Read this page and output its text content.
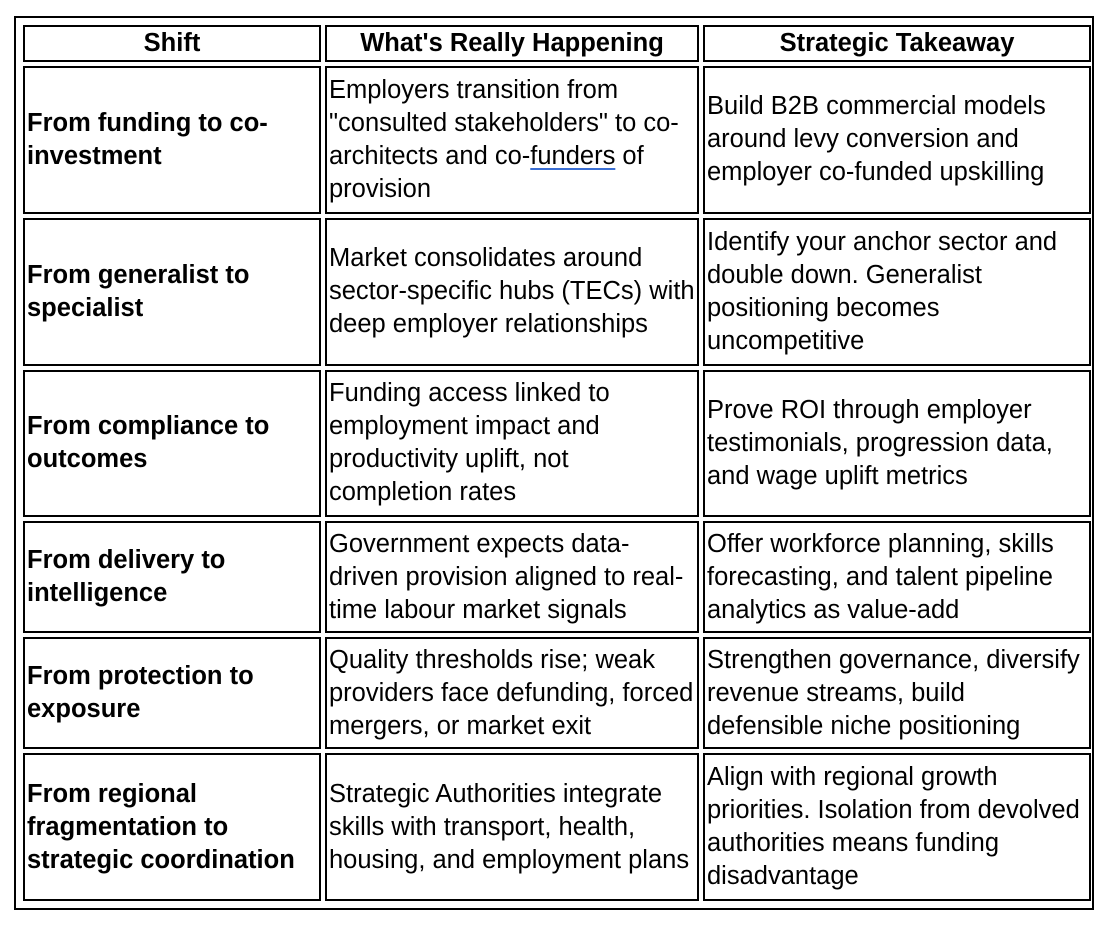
Shift	What's Really Happening	Strategic Takeaway
From funding to co-investment	Employers transition from "consulted stakeholders" to co-architects and co-funders of provision	Build B2B commercial models around levy conversion and employer co-funded upskilling
From generalist to specialist	Market consolidates around sector-specific hubs (TECs) with deep employer relationships	Identify your anchor sector and double down. Generalist positioning becomes uncompetitive
From compliance to outcomes	Funding access linked to employment impact and productivity uplift, not completion rates	Prove ROI through employer testimonials, progression data, and wage uplift metrics
From delivery to intelligence	Government expects data-driven provision aligned to real-time labour market signals	Offer workforce planning, skills forecasting, and talent pipeline analytics as value-add
From protection to exposure	Quality thresholds rise; weak providers face defunding, forced mergers, or market exit	Strengthen governance, diversify revenue streams, build defensible niche positioning
From regional fragmentation to strategic coordination	Strategic Authorities integrate skills with transport, health, housing, and employment plans	Align with regional growth priorities. Isolation from devolved authorities means funding disadvantage
